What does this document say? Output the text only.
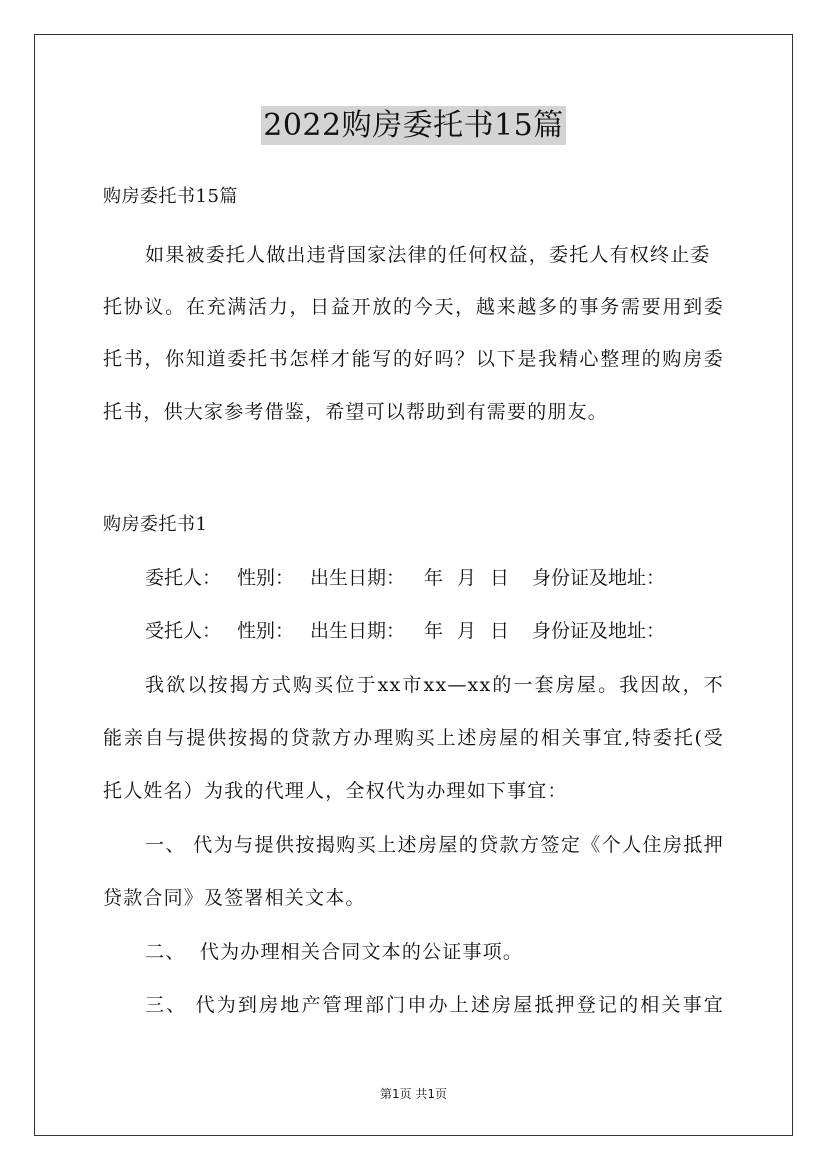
2022购房委托书15篇
购房委托书15篇
如果被委托人做出违背国家法律的任何权益，委托人有权终止委
托协议。在充满活力，日益开放的今天，越来越多的事务需要用到委
托书，你知道委托书怎样才能写的好吗？以下是我精心整理的购房委
托书，供大家参考借鉴，希望可以帮助到有需要的朋友。
购房委托书1
委托人： 性别： 出生日期： 年 月 日 身份证及地址：
受托人： 性别： 出生日期： 年 月 日 身份证及地址：
我欲以按揭方式购买位于xx市xx—xx的一套房屋。我因故，不
能亲自与提供按揭的贷款方办理购买上述房屋的相关事宜,特委托(受
托人姓名）为我的代理人，全权代为办理如下事宜：
一、 代为与提供按揭购买上述房屋的贷款方签定《个人住房抵押
贷款合同》及签署相关文本。
二、  代为办理相关合同文本的公证事项。
三、 代为到房地产管理部门申办上述房屋抵押登记的相关事宜
第1页 共1页
